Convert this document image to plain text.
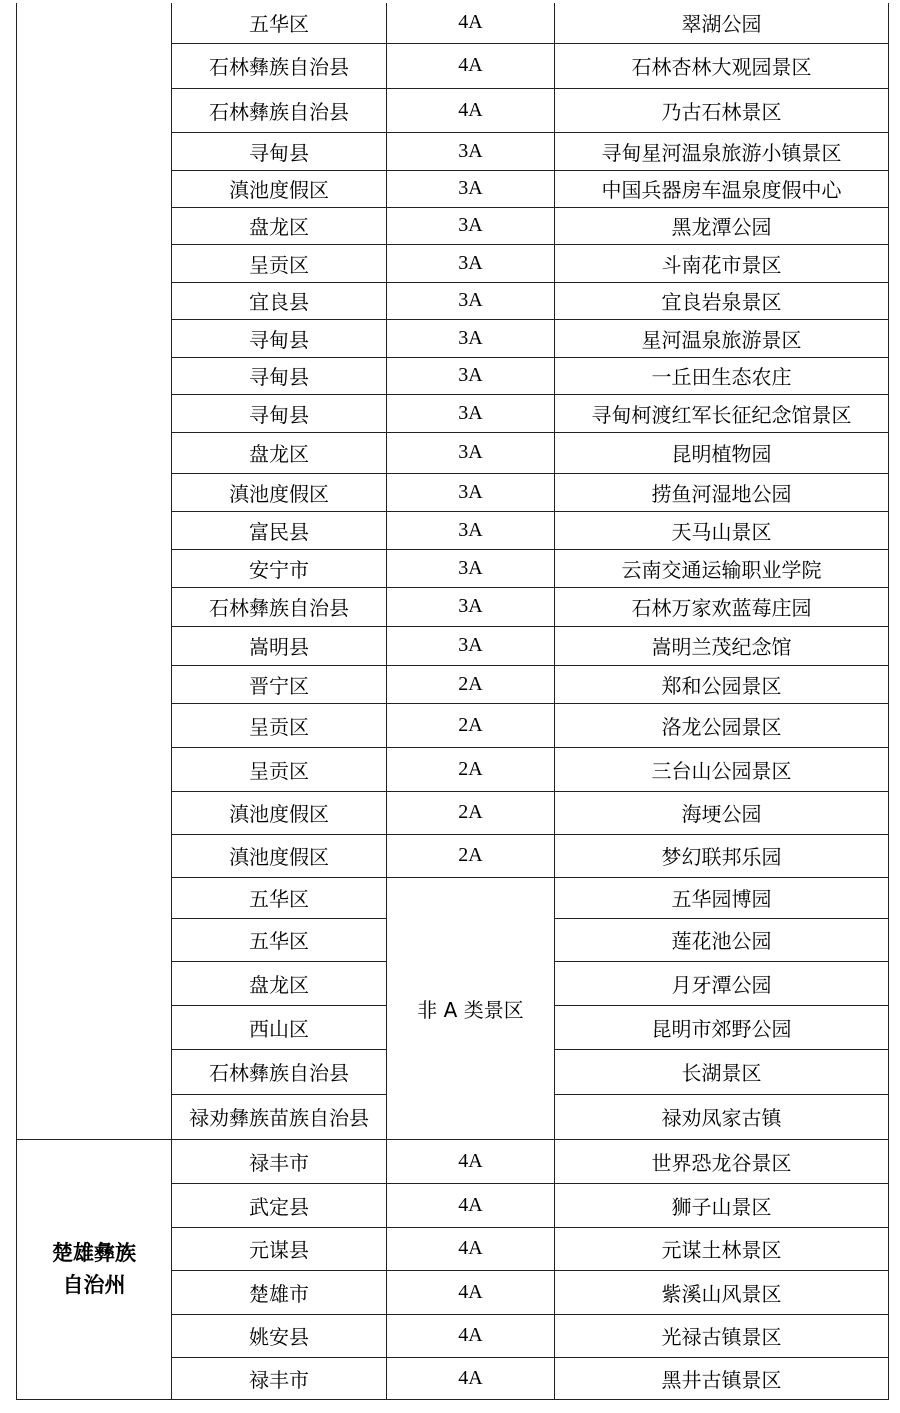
	五华区	4A	翠湖公园
	石林彝族自治县	4A	石林杏林大观园景区
	石林彝族自治县	4A	乃古石林景区
	寻甸县	3A	寻甸星河温泉旅游小镇景区
	滇池度假区	3A	中国兵器房车温泉度假中心
	盘龙区	3A	黑龙潭公园
	呈贡区	3A	斗南花市景区
	宜良县	3A	宜良岩泉景区
	寻甸县	3A	星河温泉旅游景区
	寻甸县	3A	一丘田生态农庄
	寻甸县	3A	寻甸柯渡红军长征纪念馆景区
	盘龙区	3A	昆明植物园
	滇池度假区	3A	捞鱼河湿地公园
	富民县	3A	天马山景区
	安宁市	3A	云南交通运输职业学院
	石林彝族自治县	3A	石林万家欢蓝莓庄园
	嵩明县	3A	嵩明兰茂纪念馆
	晋宁区	2A	郑和公园景区
	呈贡区	2A	洛龙公园景区
	呈贡区	2A	三台山公园景区
	滇池度假区	2A	海埂公园
	滇池度假区	2A	梦幻联邦乐园
	五华区	非 A 类景区	五华园博园
	五华区		莲花池公园
	盘龙区		月牙潭公园
	西山区		昆明市郊野公园
	石林彝族自治县		长湖景区
	禄劝彝族苗族自治县		禄劝凤家古镇

楚雄彝族
自治州	禄丰市	4A	世界恐龙谷景区
	武定县	4A	狮子山景区
	元谋县	4A	元谋土林景区
	楚雄市	4A	紫溪山风景区
	姚安县	4A	光禄古镇景区
	禄丰市	4A	黑井古镇景区
